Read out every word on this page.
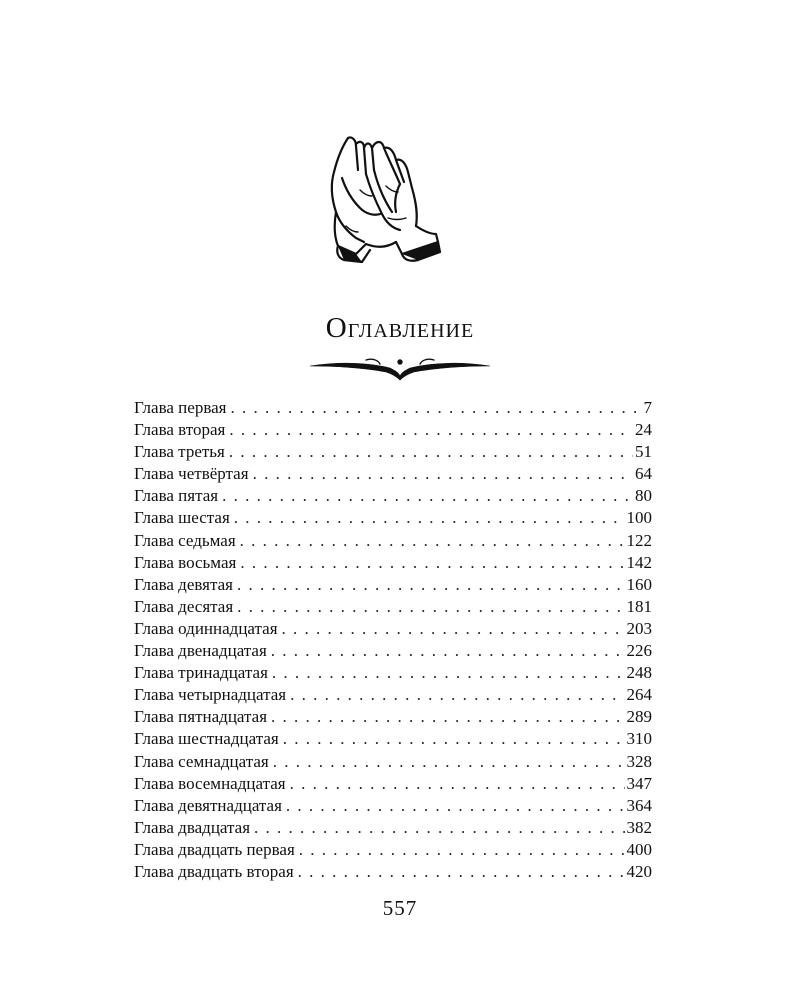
Оглавление
Глава первая . . .	7
Глава вторая . . .	24
Глава третья . . .	51
Глава четвёртая . . .	64
Глава пятая . . .	80
Глава шестая . . .	100
Глава седьмая . . .	122
Глава восьмая . . .	142
Глава девятая . . .	160
Глава десятая . . .	181
Глава одиннадцатая . . .	203
Глава двенадцатая . . .	226
Глава тринадцатая . . .	248
Глава четырнадцатая . . .	264
Глава пятнадцатая . . .	289
Глава шестнадцатая . . .	310
Глава семнадцатая . . .	328
Глава восемнадцатая . . .	347
Глава девятнадцатая . . .	364
Глава двадцатая . . .	382
Глава двадцать первая . . .	400
Глава двадцать вторая . . .	420
557
